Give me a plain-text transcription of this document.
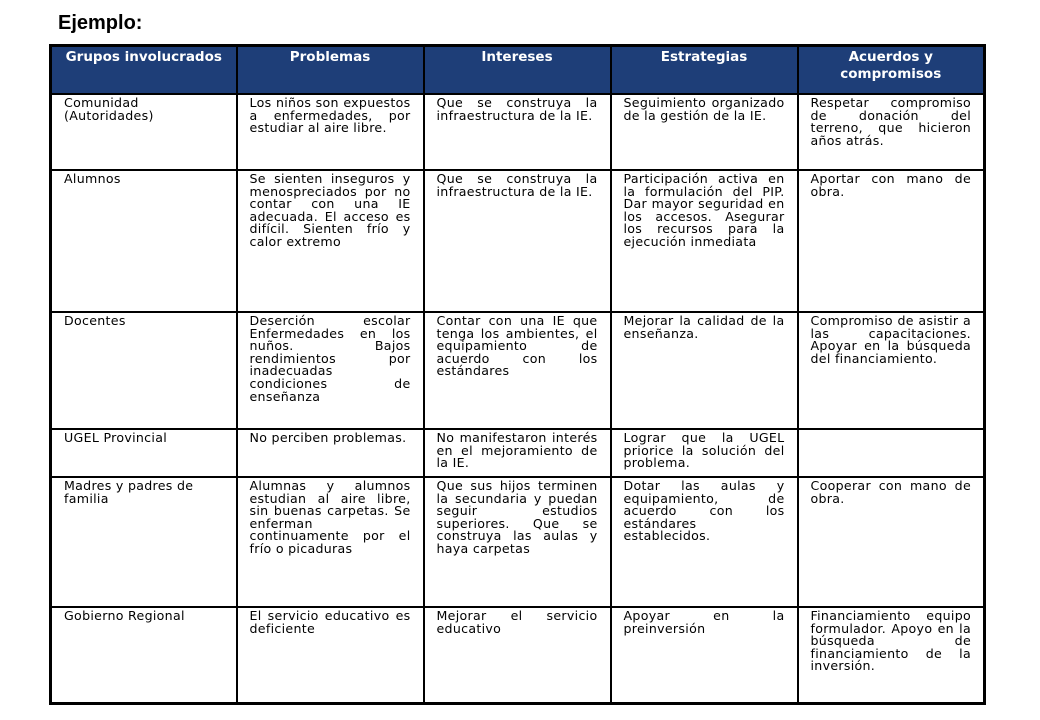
Ejemplo:
Grupos involucrados	Problemas	Intereses	Estrategias	Acuerdos y compromisos
Comunidad (Autoridades)	Los niños son expuestos a enfermedades, por estudiar al aire libre.	Que se construya la infraestructura de la IE.	Seguimiento organizado de la gestión de la IE.	Respetar compromiso de donación del terreno, que hicieron años atrás.
Alumnos	Se sienten inseguros y menospreciados por no contar con una IE adecuada. El acceso es difícil. Sienten frío y calor extremo	Que se construya la infraestructura de la IE.	Participación activa en la formulación del PIP. Dar mayor seguridad en los accesos. Asegurar los recursos para la ejecución inmediata	Aportar con mano de obra.
Docentes	Deserción escolar Enfermedades en los nuños. Bajos rendimientos por inadecuadas condiciones de enseñanza	Contar con una IE que tenga los ambientes, el equipamiento de acuerdo con los estándares	Mejorar la calidad de la enseñanza.	Compromiso de asistir a las capacitaciones. Apoyar en la búsqueda del financiamiento.
UGEL Provincial	No perciben problemas.	No manifestaron interés en el mejoramiento de la IE.	Lograr que la UGEL priorice la solución del problema.	
Madres y padres de familia	Alumnas y alumnos estudian al aire libre, sin buenas carpetas. Se enferman continuamente por el frío o picaduras	Que sus hijos terminen la secundaria y puedan seguir estudios superiores. Que se construya las aulas y haya carpetas	Dotar las aulas y equipamiento, de acuerdo con los estándares establecidos.	Cooperar con mano de obra.
Gobierno Regional	El servicio educativo es deficiente	Mejorar el servicio educativo	Apoyar en la preinversión	Financiamiento equipo formulador. Apoyo en la búsqueda de financiamiento de la inversión.
